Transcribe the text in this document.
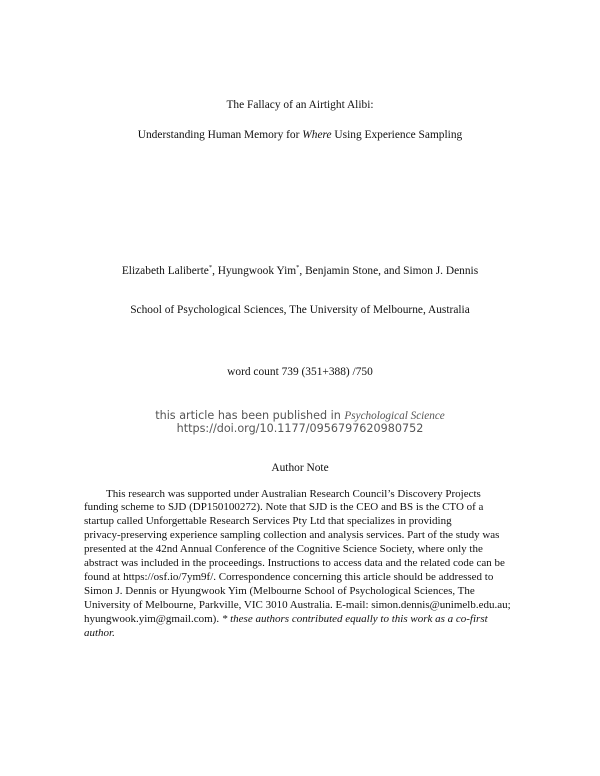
The Fallacy of an Airtight Alibi:
Understanding Human Memory for Where Using Experience Sampling
Elizabeth Laliberte*, Hyungwook Yim*, Benjamin Stone, and Simon J. Dennis
School of Psychological Sciences, The University of Melbourne, Australia
word count 739 (351+388) /750
this article has been published in Psychological Science
https://doi.org/10.1177/0956797620980752
Author Note
This research was supported under Australian Research Council’s Discovery Projects
funding scheme to SJD (DP150100272). Note that SJD is the CEO and BS is the CTO of a
startup called Unforgettable Research Services Pty Ltd that specializes in providing
privacy-preserving experience sampling collection and analysis services. Part of the study was
presented at the 42nd Annual Conference of the Cognitive Science Society, where only the
abstract was included in the proceedings. Instructions to access data and the related code can be
found at https://osf.io/7ym9f/. Correspondence concerning this article should be addressed to
Simon J. Dennis or Hyungwook Yim (Melbourne School of Psychological Sciences, The
University of Melbourne, Parkville, VIC 3010 Australia. E-mail: simon.dennis@unimelb.edu.au;
hyungwook.yim@gmail.com). * these authors contributed equally to this work as a co-first
author.
